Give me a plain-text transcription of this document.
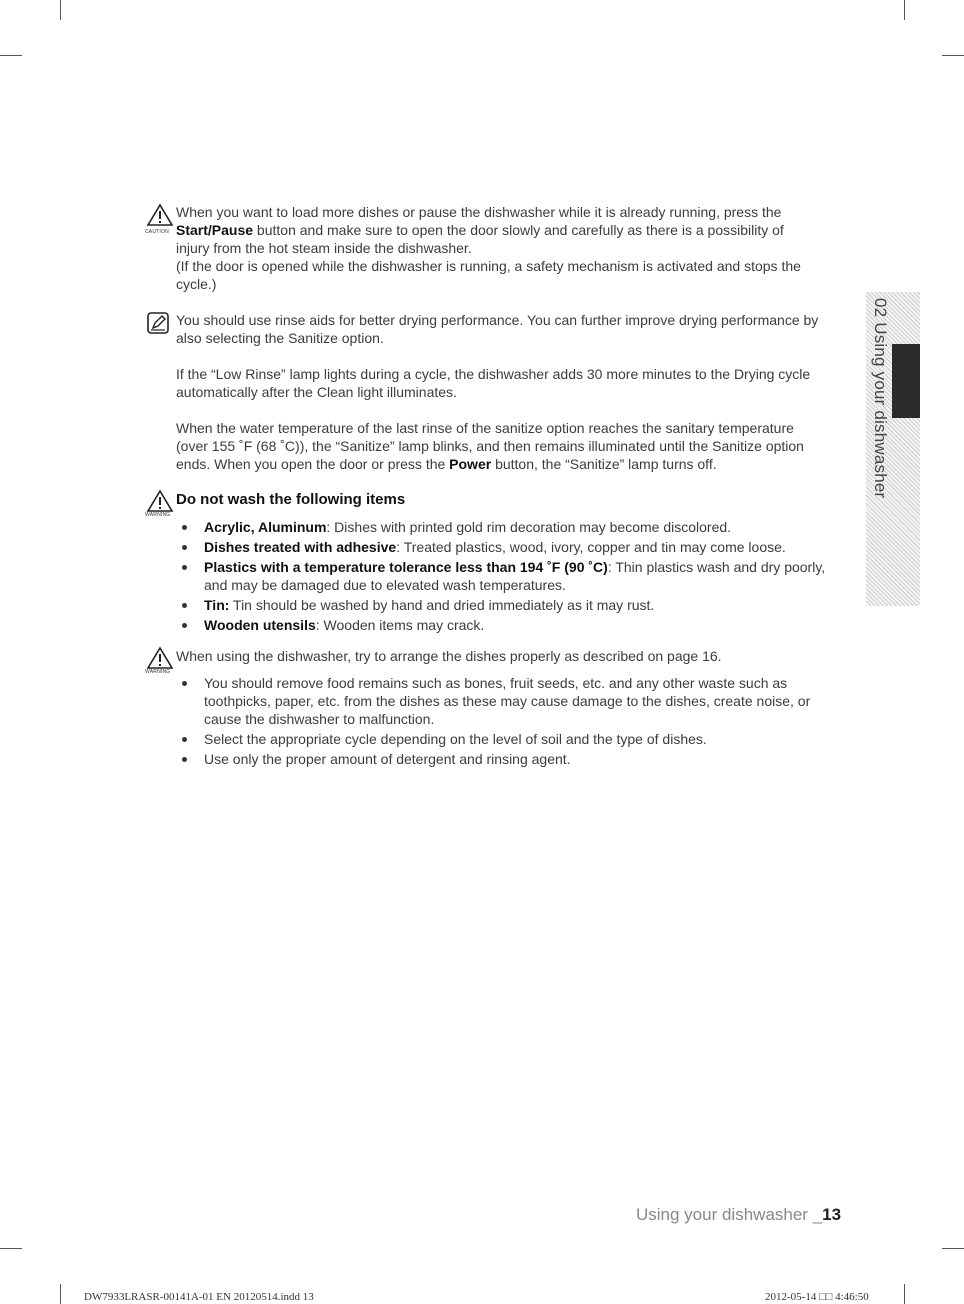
CAUTION

When you want to load more dishes or pause the dishwasher while it is already running, press the
Start/Pause button and make sure to open the door slowly and carefully as there is a possibility of
injury from the hot steam inside the dishwasher.
(If the door is opened while the dishwasher is running, a safety mechanism is activated and stops the cycle.)

You should use rinse aids for better drying performance. You can further improve drying performance by also selecting the Sanitize option.

If the “Low Rinse” lamp lights during a cycle, the dishwasher adds 30 more minutes to the Drying cycle automatically after the Clean light illuminates.

When the water temperature of the last rinse of the sanitize option reaches the sanitary temperature (over 155 ˚F (68 ˚C)), the “Sanitize” lamp blinks, and then remains illuminated until the Sanitize option ends. When you open the door or press the Power button, the “Sanitize” lamp turns off.

WARNING
Do not wash the following items
Acrylic, Aluminum: Dishes with printed gold rim decoration may become discolored.
Dishes treated with adhesive: Treated plastics, wood, ivory, copper and tin may come loose.
Plastics with a temperature tolerance less than 194 ˚F (90 ˚C): Thin plastics wash and dry poorly, and may be damaged due to elevated wash temperatures.
Tin: Tin should be washed by hand and dried immediately as it may rust.
Wooden utensils: Wooden items may crack.
WARNING

When using the dishwasher, try to arrange the dishes properly as described on page 16.

You should remove food remains such as bones, fruit seeds, etc. and any other waste such as toothpicks, paper, etc. from the dishes as these may cause damage to the dishes, create noise, or cause the dishwasher to malfunction.
Select the appropriate cycle depending on the level of soil and the type of dishes.
Use only the proper amount of detergent and rinsing agent.
02 Using your dishwasher
Using your dishwasher _13
DW7933LRASR-00141A-01 EN 20120514.indd 13	2012-05-14 □□ 4:46:50
